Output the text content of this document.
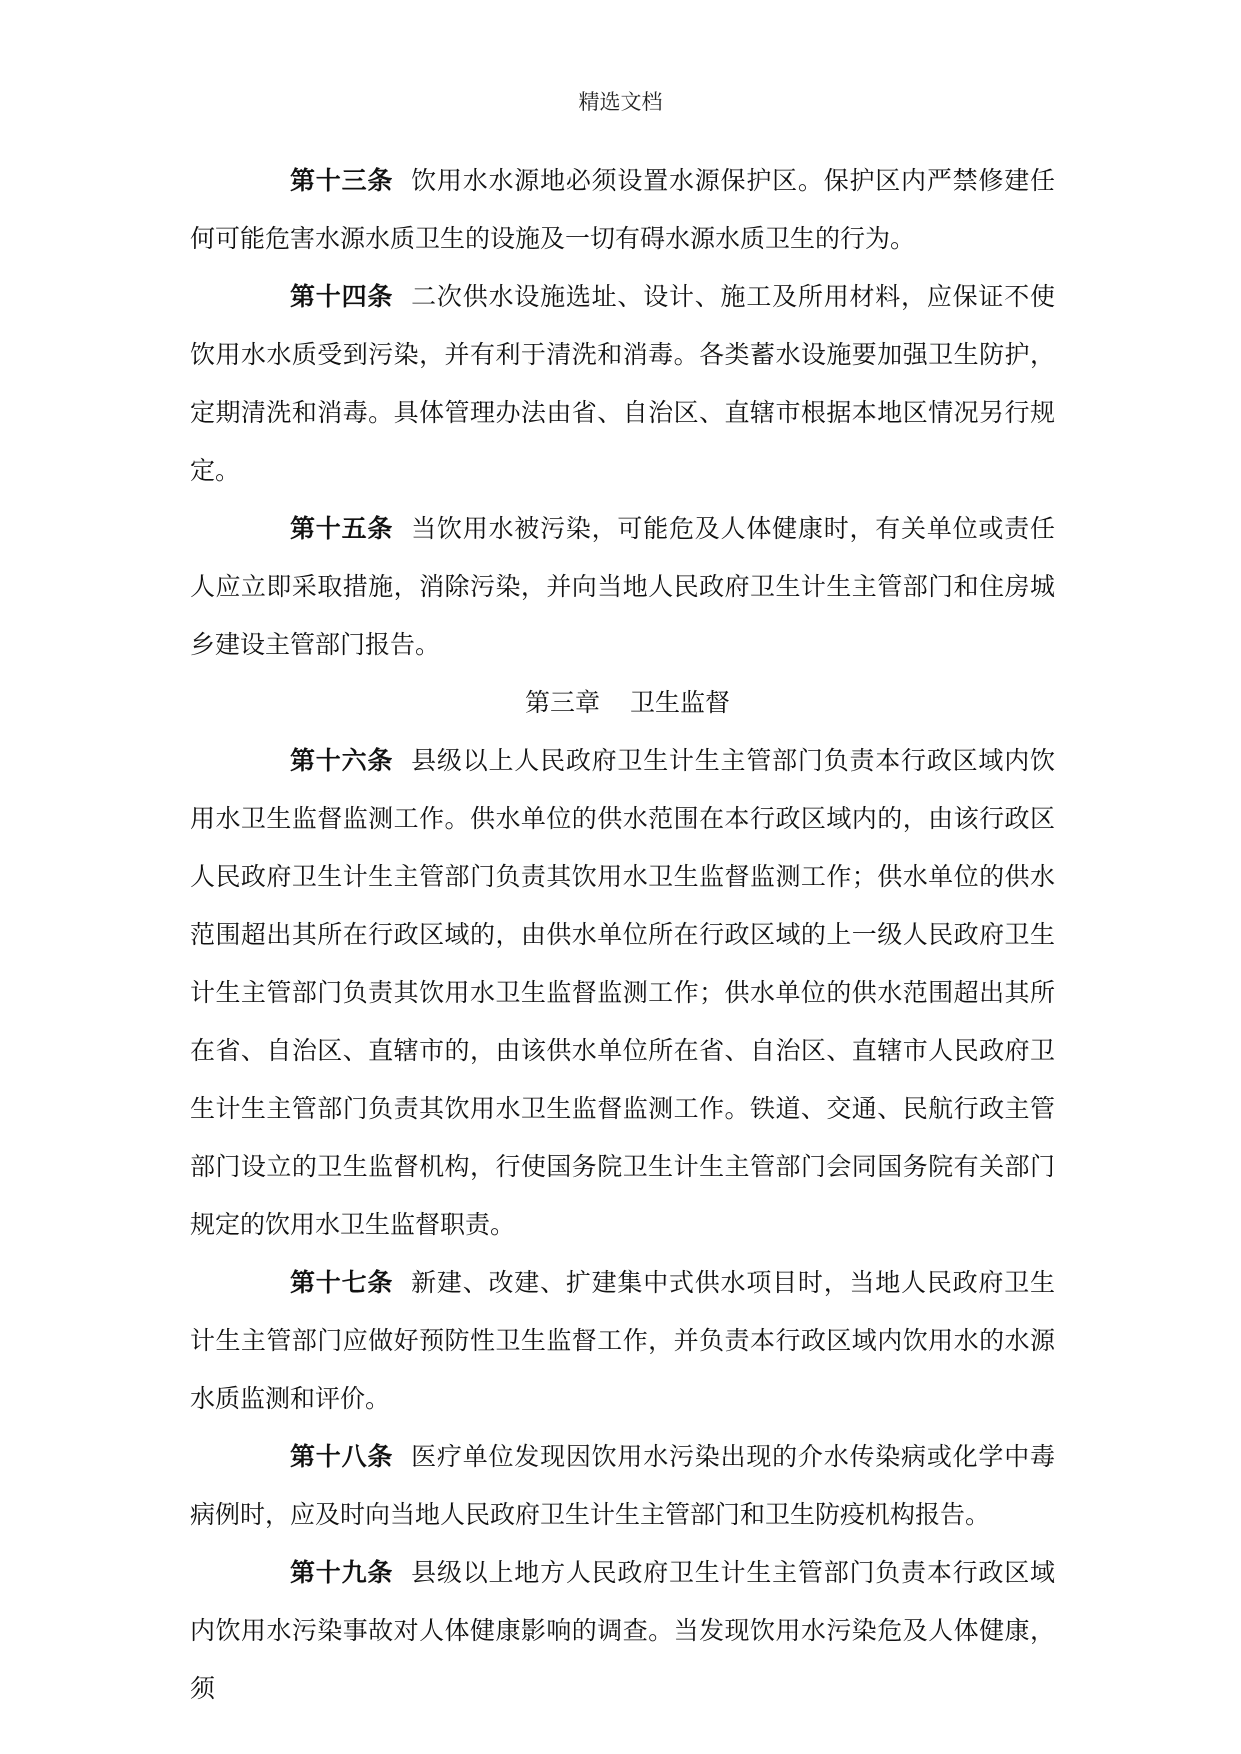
精选文档

第十三条 饮用水水源地必须设置水源保护区。保护区内严禁修建任何可能危害水源水质卫生的设施及一切有碍水源水质卫生的行为。

第十四条 二次供水设施选址、设计、施工及所用材料，应保证不使饮用水水质受到污染，并有利于清洗和消毒。各类蓄水设施要加强卫生防护，定期清洗和消毒。具体管理办法由省、自治区、直辖市根据本地区情况另行规定。

第十五条 当饮用水被污染，可能危及人体健康时，有关单位或责任人应立即采取措施，消除污染，并向当地人民政府卫生计生主管部门和住房城乡建设主管部门报告。

第三章 卫生监督

第十六条 县级以上人民政府卫生计生主管部门负责本行政区域内饮用水卫生监督监测工作。供水单位的供水范围在本行政区域内的，由该行政区人民政府卫生计生主管部门负责其饮用水卫生监督监测工作；供水单位的供水范围超出其所在行政区域的，由供水单位所在行政区域的上一级人民政府卫生计生主管部门负责其饮用水卫生监督监测工作；供水单位的供水范围超出其所在省、自治区、直辖市的，由该供水单位所在省、自治区、直辖市人民政府卫生计生主管部门负责其饮用水卫生监督监测工作。铁道、交通、民航行政主管部门设立的卫生监督机构，行使国务院卫生计生主管部门会同国务院有关部门规定的饮用水卫生监督职责。

第十七条 新建、改建、扩建集中式供水项目时，当地人民政府卫生计生主管部门应做好预防性卫生监督工作，并负责本行政区域内饮用水的水源水质监测和评价。

第十八条 医疗单位发现因饮用水污染出现的介水传染病或化学中毒病例时，应及时向当地人民政府卫生计生主管部门和卫生防疫机构报告。

第十九条 县级以上地方人民政府卫生计生主管部门负责本行政区域内饮用水污染事故对人体健康影响的调查。当发现饮用水污染危及人体健康，须
